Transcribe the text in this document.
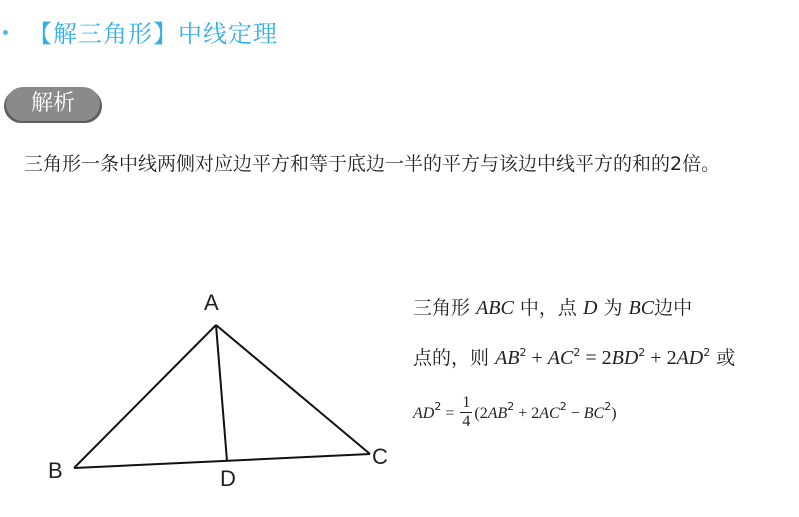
【解三角形】中线定理
解析
三角形一条中线两侧对应边平方和等于底边一半的平方与该边中线平方的和的2倍。
A
B
C
D
三角形 ABC 中，点 D 为 BC边中
点的，则 $AB^2 + AC^2 = 2BD^2 + 2AD^2$ 或
$AD^2 = \frac{1}{4} (2AB^2 + 2AC^2 - BC^2)$
